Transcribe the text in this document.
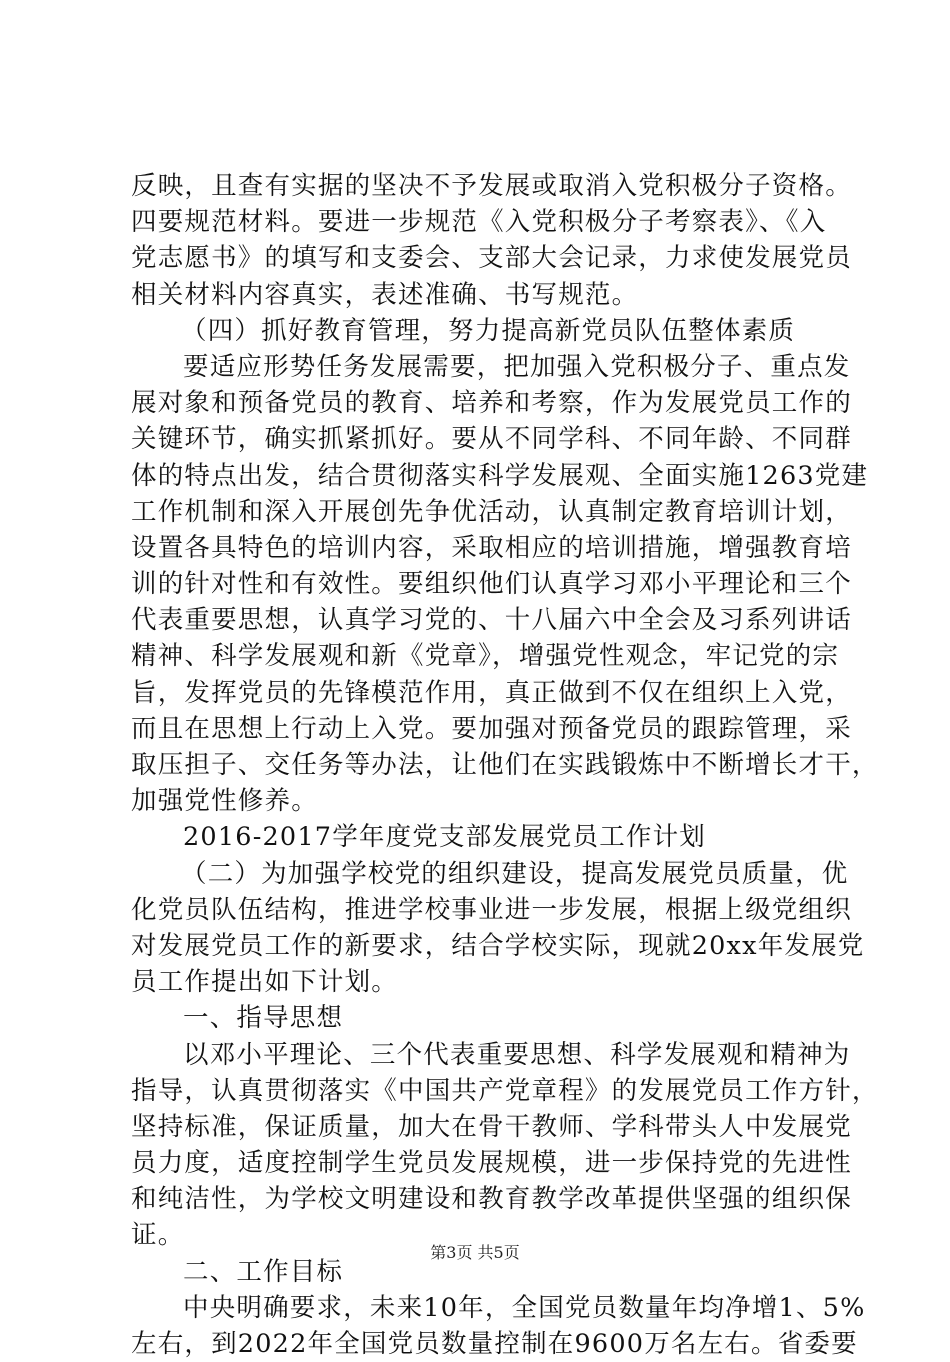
反映，且查有实据的坚决不予发展或取消入党积极分子资格。
四要规范材料。要进一步规范《入党积极分子考察表》、《入
党志愿书》的填写和支委会、支部大会记录，力求使发展党员
相关材料内容真实，表述准确、书写规范。
（四）抓好教育管理，努力提高新党员队伍整体素质
要适应形势任务发展需要，把加强入党积极分子、重点发
展对象和预备党员的教育、培养和考察，作为发展党员工作的
关键环节，确实抓紧抓好。要从不同学科、不同年龄、不同群
体的特点出发，结合贯彻落实科学发展观、全面实施1263党建
工作机制和深入开展创先争优活动，认真制定教育培训计划，
设置各具特色的培训内容，采取相应的培训措施，增强教育培
训的针对性和有效性。要组织他们认真学习邓小平理论和三个
代表重要思想，认真学习党的、十八届六中全会及习系列讲话
精神、科学发展观和新《党章》，增强党性观念，牢记党的宗
旨，发挥党员的先锋模范作用，真正做到不仅在组织上入党，
而且在思想上行动上入党。要加强对预备党员的跟踪管理，采
取压担子、交任务等办法，让他们在实践锻炼中不断增长才干，
加强党性修养。
2016-2017学年度党支部发展党员工作计划
（二）为加强学校党的组织建设，提高发展党员质量，优
化党员队伍结构，推进学校事业进一步发展，根据上级党组织
对发展党员工作的新要求，结合学校实际，现就20xx年发展党
员工作提出如下计划。
一、指导思想
以邓小平理论、三个代表重要思想、科学发展观和精神为
指导，认真贯彻落实《中国共产党章程》的发展党员工作方针，
坚持标准，保证质量，加大在骨干教师、学科带头人中发展党
员力度，适度控制学生党员发展规模，进一步保持党的先进性
和纯洁性，为学校文明建设和教育教学改革提供坚强的组织保
证。
二、工作目标
中央明确要求，未来10年，全国党员数量年均净增1、5%
左右，到2022年全国党员数量控制在9600万名左右。省委要
第3页 共5页
